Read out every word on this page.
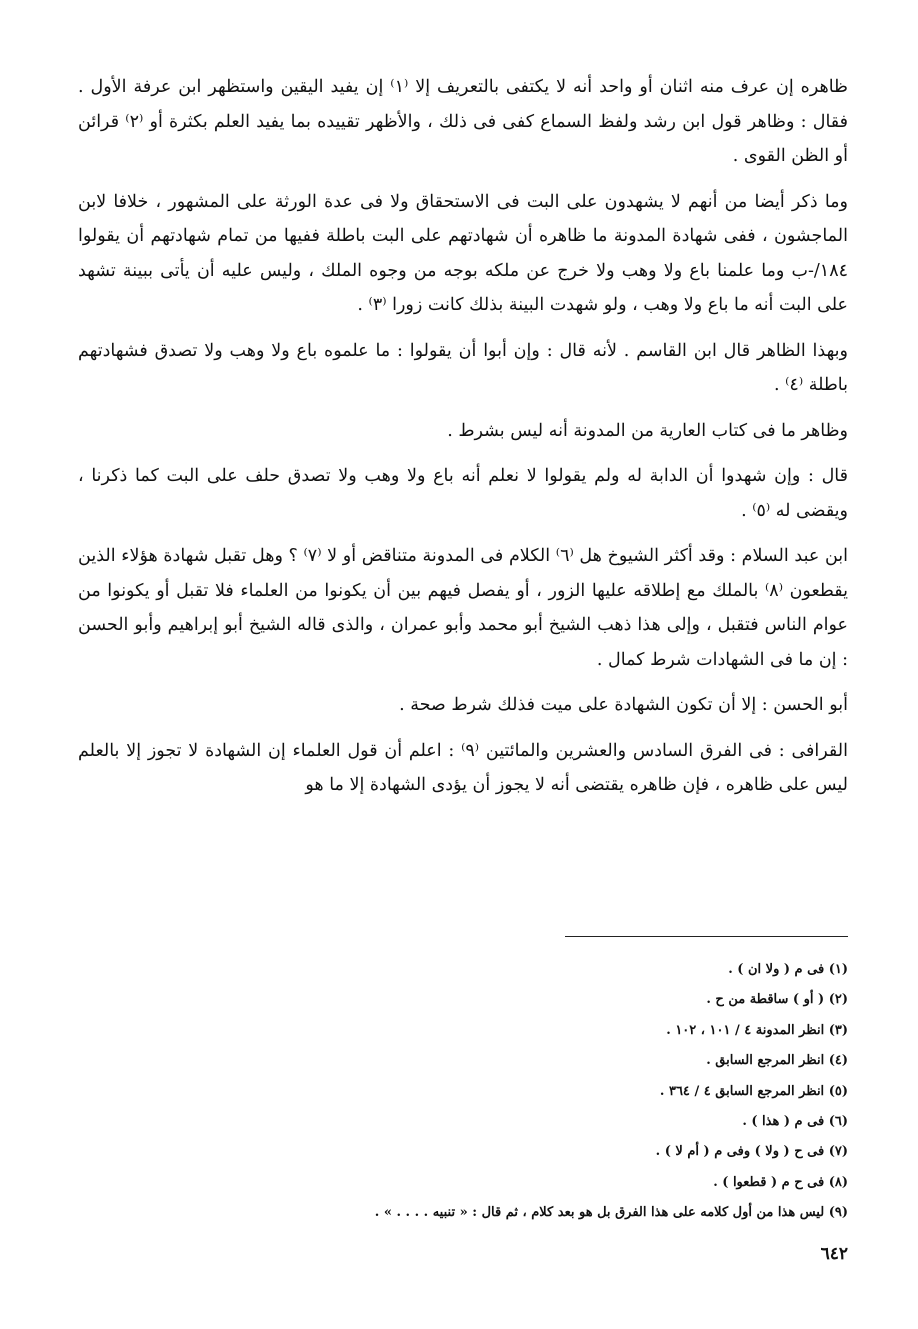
ظاهره إن عرف منه اثنان أو واحد أنه لا يكتفى بالتعريف إلا ⁽١⁾ إن يفيد اليقين واستظهر ابن عرفة الأول . فقال : وظاهر قول ابن رشد ولفظ السماع كفى فى ذلك ، والأظهر تقييده بما يفيد العلم بكثرة أو ⁽٢⁾ قرائن أو الظن القوى .

وما ذكر أيضا من أنهم لا يشهدون على البت فى الاستحقاق ولا فى عدة الورثة على المشهور ، خلافا لابن الماجشون ، ففى شهادة المدونة ما ظاهره أن شهادتهم على البت باطلة ففيها من تمام شهادتهم أن يقولوا ١٨٤/-ب وما علمنا باع ولا وهب ولا خرج عن ملكه بوجه من وجوه الملك ، وليس عليه أن يأتى ببينة تشهد على البت أنه ما باع ولا وهب ، ولو شهدت البينة بذلك كانت زورا ⁽٣⁾ .

وبهذا الظاهر قال ابن القاسم . لأنه قال : وإن أبوا أن يقولوا : ما علموه باع ولا وهب ولا تصدق فشهادتهم باطلة ⁽٤⁾ .

وظاهر ما فى كتاب العارية من المدونة أنه ليس بشرط .

قال : وإن شهدوا أن الدابة له ولم يقولوا لا نعلم أنه باع ولا وهب ولا تصدق حلف على البت كما ذكرنا ، ويقضى له ⁽٥⁾ .

ابن عبد السلام : وقد أكثر الشيوخ هل ⁽٦⁾ الكلام فى المدونة متناقض أو لا ⁽٧⁾ ؟ وهل تقبل شهادة هؤلاء الذين يقطعون ⁽٨⁾ بالملك مع إطلاقه عليها الزور ، أو يفصل فيهم بين أن يكونوا من العلماء فلا تقبل أو يكونوا من عوام الناس فتقبل ، وإلى هذا ذهب الشيخ أبو محمد وأبو عمران ، والذى قاله الشيخ أبو إبراهيم وأبو الحسن : إن ما فى الشهادات شرط كمال .

أبو الحسن : إلا أن تكون الشهادة على ميت فذلك شرط صحة .

القرافى : فى الفرق السادس والعشرين والمائتين ⁽٩⁾ : اعلم أن قول العلماء إن الشهادة لا تجوز إلا بالعلم ليس على ظاهره ، فإن ظاهره يقتضى أنه لا يجوز أن يؤدى الشهادة إلا ما هو

(١) فى م ( ولا ان ) .

(٢) ( أو ) ساقطة من ح .

(٣) انظر المدونة ٤ / ١٠١ ، ١٠٢ .

(٤) انظر المرجع السابق .

(٥) انظر المرجع السابق ٤ / ٣٦٤ .

(٦) فى م ( هذا ) .

(٧) فى ح ( ولا ) وفى م ( أم لا ) .

(٨) فى ح م ( قطعوا ) .

(٩) ليس هذا من أول كلامه على هذا الفرق بل هو بعد كلام ، ثم قال : « تنبيه . . . . » .

٦٤٢
